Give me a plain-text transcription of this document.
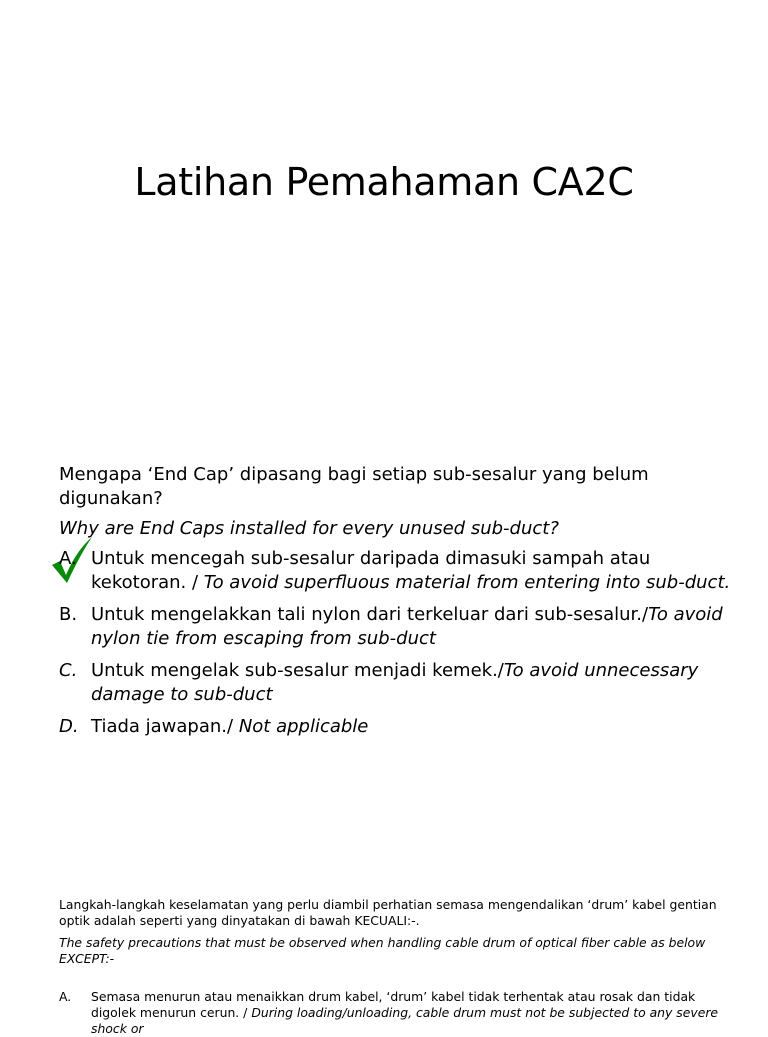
Latihan Pemahaman CA2C

Mengapa ‘End Cap’ dipasang bagi setiap sub-sesalur yang belum digunakan?

Why are End Caps installed for every unused sub-duct?

A. Untuk mencegah sub-sesalur daripada dimasuki sampah atau kekotoran. / To avoid superfluous material from entering into sub-duct.
B. Untuk mengelakkan tali nylon dari terkeluar dari sub-sesalur./To avoid nylon tie from escaping from sub-duct
C. Untuk mengelak sub-sesalur menjadi kemek./To avoid unnecessary damage to sub-duct
D. Tiada jawapan./ Not applicable

Langkah-langkah keselamatan yang perlu diambil perhatian semasa mengendalikan ‘drum’ kabel gentian optik adalah seperti yang dinyatakan di bawah KECUALI:-.

The safety precautions that must be observed when handling cable drum of optical fiber cable as below EXCEPT:-

A. Semasa menurun atau menaikkan drum kabel, ‘drum’ kabel tidak terhentak atau rosak dan tidak digolek menurun cerun. / During loading/unloading, cable drum must not be subjected to any severe shock or
